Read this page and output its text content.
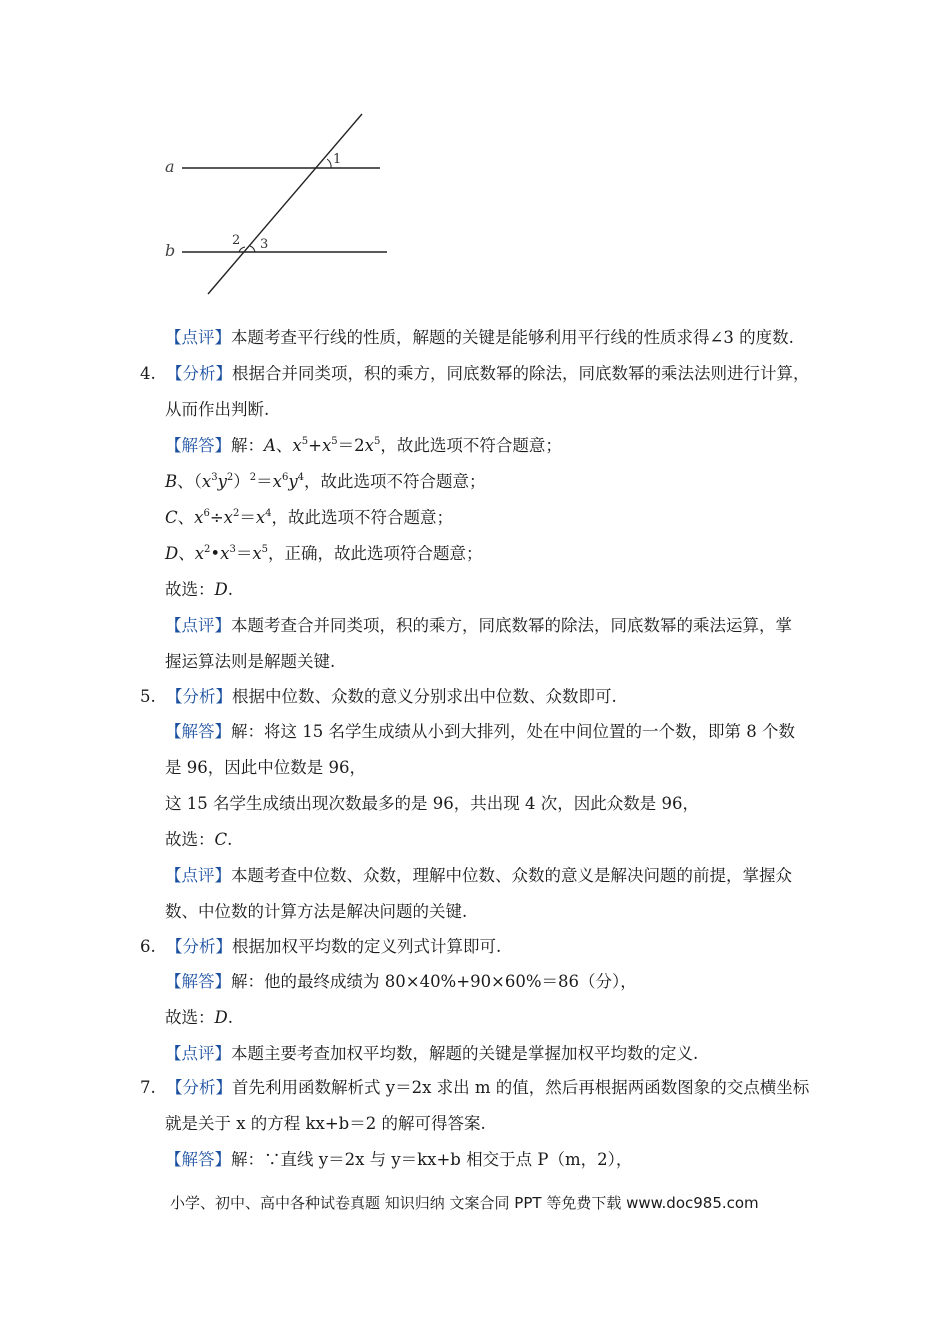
a
b
1
2 3
【点评】本题考查平行线的性质，解题的关键是能够利用平行线的性质求得∠3 的度数.
4. 【分析】根据合并同类项，积的乘方，同底数幂的除法，同底数幂的乘法法则进行计算，
从而作出判断.
【解答】解：A、$x^5+x^5=2x^5$，故此选项不符合题意；
B、$(x^3y^2)^2=x^6y^4$，故此选项不符合题意；
C、$x^6\div x^2=x^4$，故此选项不符合题意；
D、$x^2•x^3=x^5$，正确，故此选项符合题意；
故选：D.
【点评】本题考查合并同类项，积的乘方，同底数幂的除法，同底数幂的乘法运算，掌
握运算法则是解题关键.
5. 【分析】根据中位数、众数的意义分别求出中位数、众数即可.
【解答】解：将这 15 名学生成绩从小到大排列，处在中间位置的一个数，即第 8 个数
是 96，因此中位数是 96，
这 15 名学生成绩出现次数最多的是 96，共出现 4 次，因此众数是 96，
故选：C.
【点评】本题考查中位数、众数，理解中位数、众数的意义是解决问题的前提，掌握众
数、中位数的计算方法是解决问题的关键.
6. 【分析】根据加权平均数的定义列式计算即可.
【解答】解：他的最终成绩为 80×40%+90×60%＝86（分），
故选：D.
【点评】本题主要考查加权平均数，解题的关键是掌握加权平均数的定义.
7. 【分析】首先利用函数解析式 y＝2x 求出 m 的值，然后再根据两函数图象的交点横坐标
就是关于 x 的方程 kx+b＝2 的解可得答案.
【解答】解：∵直线 y＝2x 与 y＝kx+b 相交于点 P（m，2），
小学、初中、高中各种试卷真题 知识归纳 文案合同 PPT 等免费下载 www.doc985.com
